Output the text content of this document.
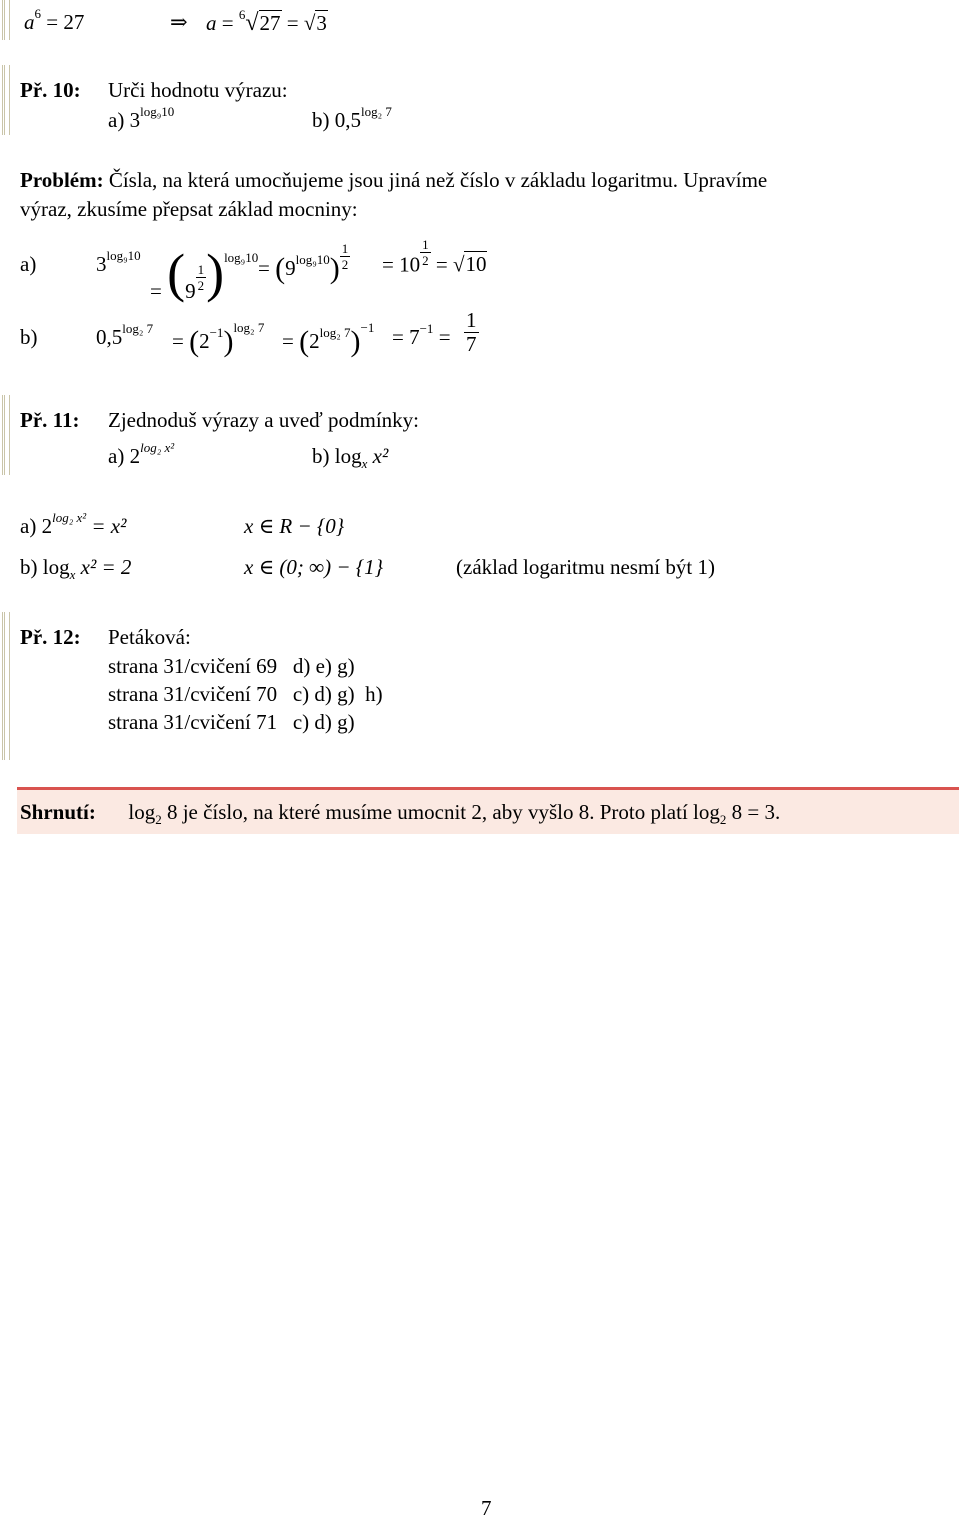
$a^6 = 27$	⇒ a = $^6$√27 = √3
Př. 10: Urči hodnotu výrazu:
a) $3^{log_910}$	b) $0,5^{log_2 7}$
Problém: Čísla, na která umocňujeme jsou jiná než číslo v základu logaritmu. Upravíme
výraz, zkusíme přepsat základ mocniny:
a)	$3^{log_910}$
= $(9 \frac{1}{2} )^{log_910} = (9^{log_910}) \frac{1}{2} = 10 \frac{1}{2} = √10$
b)	$0,5^{log_2 7}$
= $(2^{-1})^{log_2 7}$
= $(2^{log_2 7})^{-1} = 7^{-1} = \frac{1}{7}$
Př. 11: Zjednoduš výrazy a uveď podmínky:
a) $2^{log_2 x^2}$	b) $\log_x x^2$
a) $2^{log_2 x^2} = x^2$	x ∈ R − {0}
b) $\log_x x^2 = 2$	x ∈ (0; ∞) − {1}	(základ logaritmu nesmí být 1)
Př. 12: Petáková:
strana 31/cvičení 69   d) e) g)
strana 31/cvičení 70   c) d) g)  h)
strana 31/cvičení 71   c) d) g)
Shrnutí: $\log_2 8$ je číslo, na které musíme umocnit 2, aby vyšlo 8. Proto platí $\log_2 8 = 3$.
7
